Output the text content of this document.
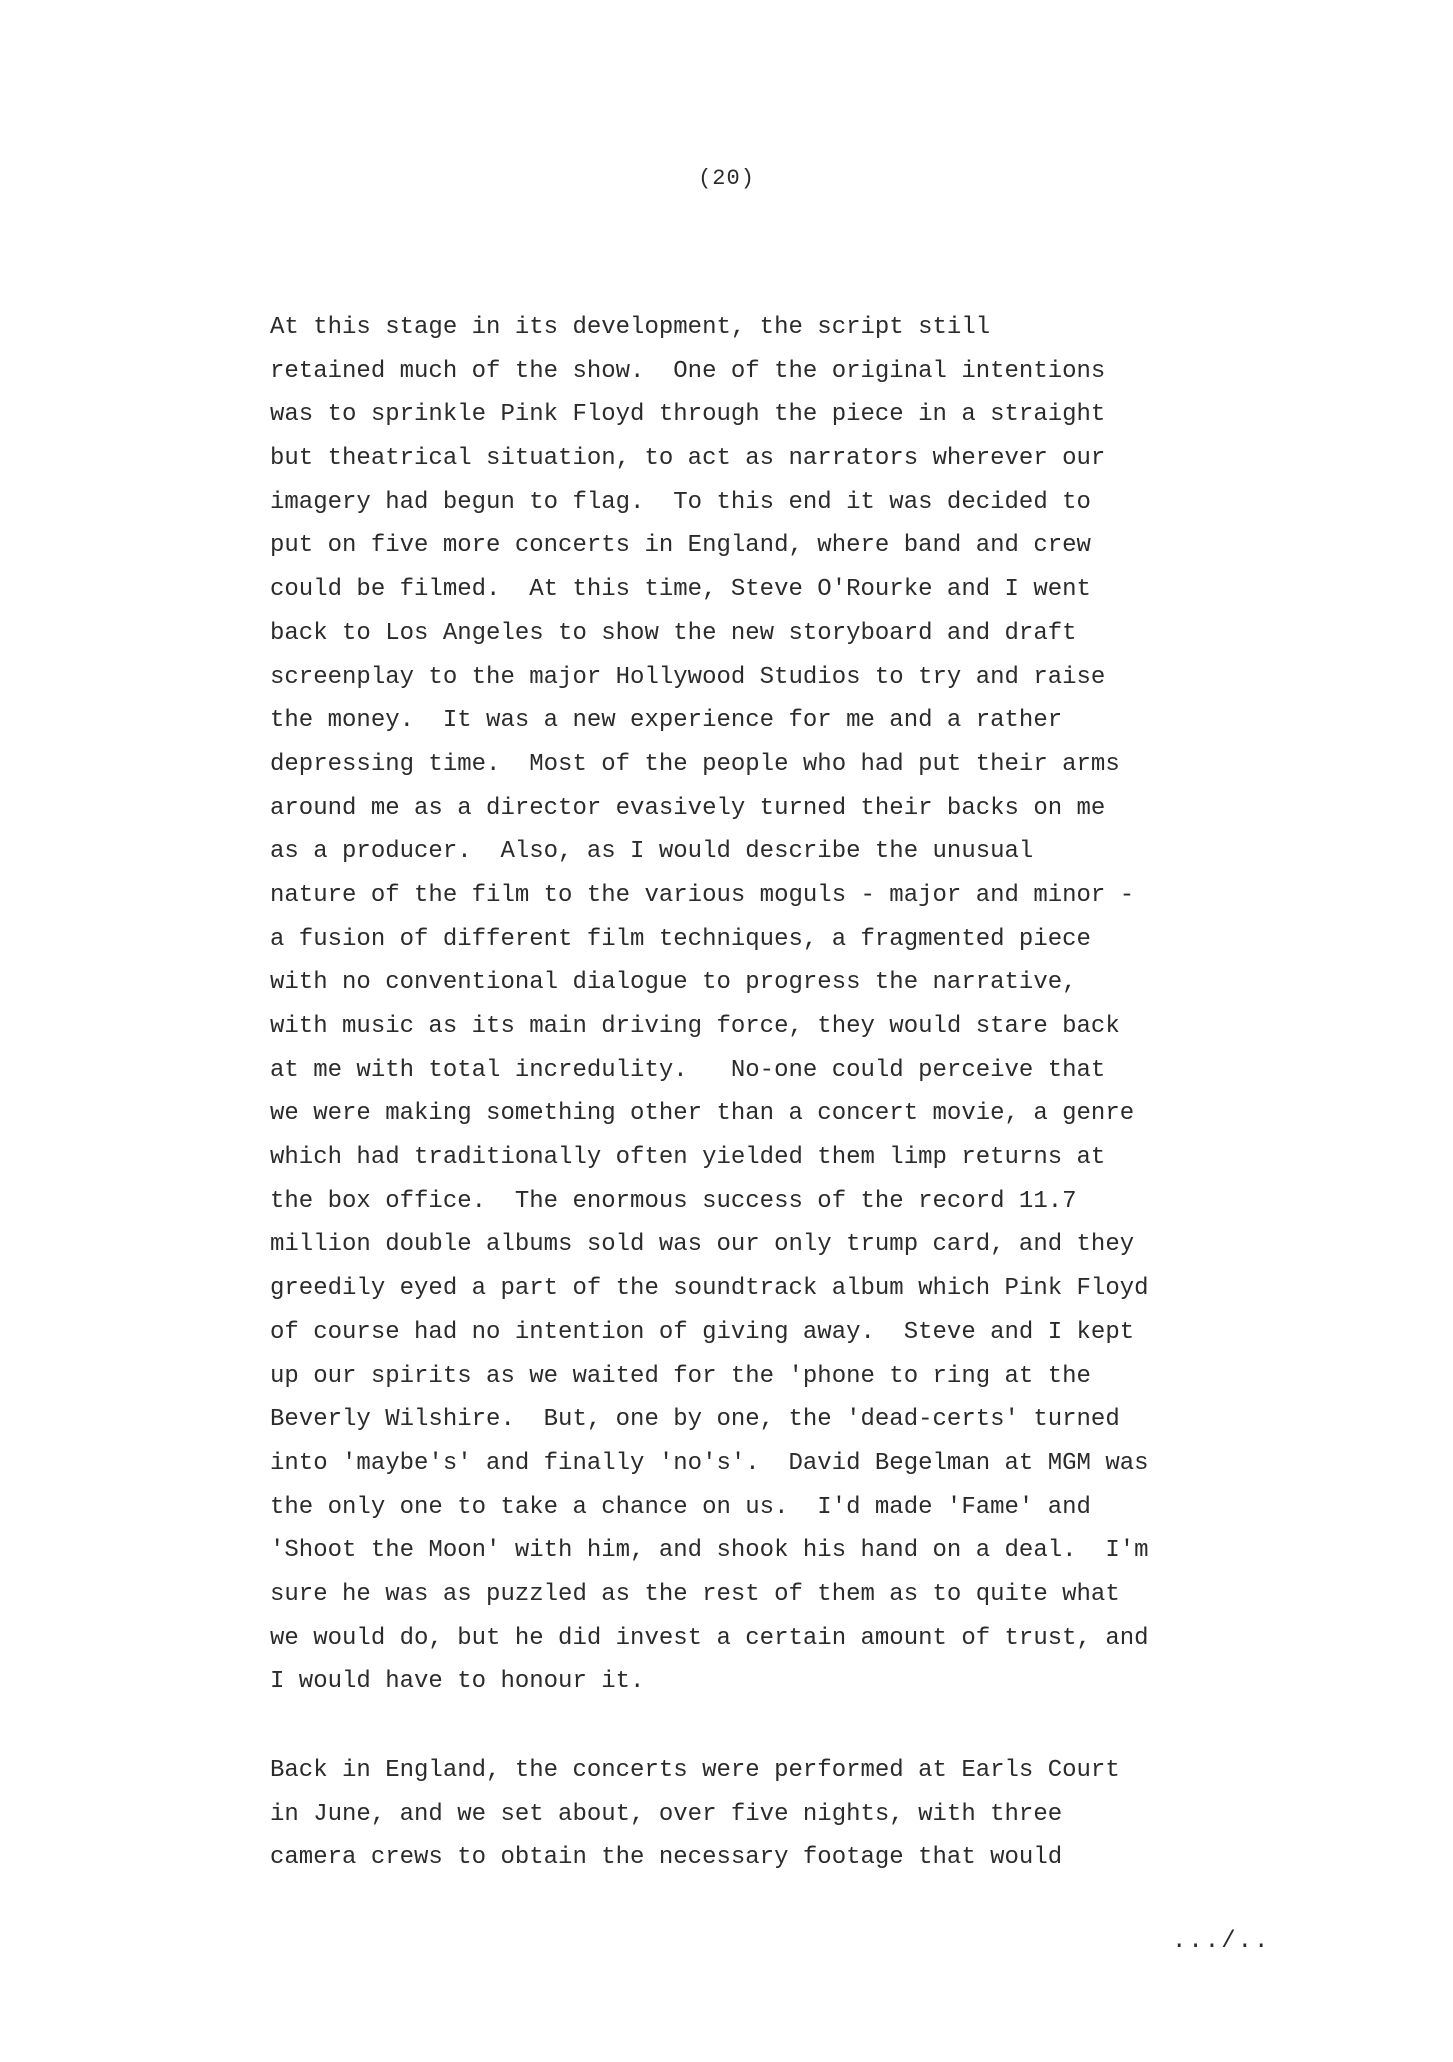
(20)
At this stage in its development, the script still
retained much of the show.  One of the original intentions
was to sprinkle Pink Floyd through the piece in a straight
but theatrical situation, to act as narrators wherever our
imagery had begun to flag.  To this end it was decided to
put on five more concerts in England, where band and crew
could be filmed.  At this time, Steve O'Rourke and I went
back to Los Angeles to show the new storyboard and draft
screenplay to the major Hollywood Studios to try and raise
the money.  It was a new experience for me and a rather
depressing time.  Most of the people who had put their arms
around me as a director evasively turned their backs on me
as a producer.  Also, as I would describe the unusual
nature of the film to the various moguls - major and minor -
a fusion of different film techniques, a fragmented piece
with no conventional dialogue to progress the narrative,
with music as its main driving force, they would stare back
at me with total incredulity.   No-one could perceive that
we were making something other than a concert movie, a genre
which had traditionally often yielded them limp returns at
the box office.  The enormous success of the record 11.7
million double albums sold was our only trump card, and they
greedily eyed a part of the soundtrack album which Pink Floyd
of course had no intention of giving away.  Steve and I kept
up our spirits as we waited for the 'phone to ring at the
Beverly Wilshire.  But, one by one, the 'dead-certs' turned
into 'maybe's' and finally 'no's'.  David Begelman at MGM was
the only one to take a chance on us.  I'd made 'Fame' and
'Shoot the Moon' with him, and shook his hand on a deal.  I'm
sure he was as puzzled as the rest of them as to quite what
we would do, but he did invest a certain amount of trust, and
I would have to honour it.
Back in England, the concerts were performed at Earls Court
in June, and we set about, over five nights, with three
camera crews to obtain the necessary footage that would
.../..
